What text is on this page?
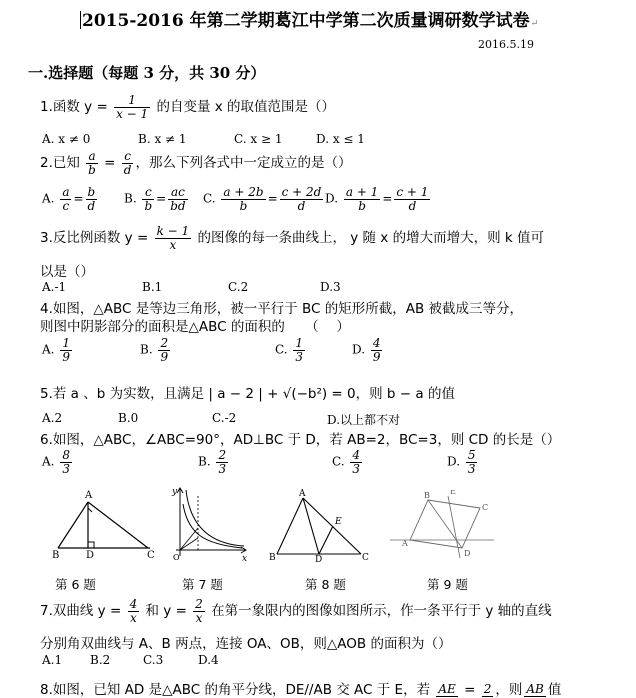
2015-2016 年第二学期葛江中学第二次质量调研数学试卷↵
2016.5.19
一.选择题（每题 3 分，共 30 分）
1.函数 $y = \frac{1}{x - 1}$ 的自变量 x 的取值范围是（）
A. x ≠ 0	B. x ≠ 1	C. x ≥ 1	D. x ≤ 1
2.已知 $\frac{a}{b} = \frac{c}{d}$ ，那么下列各式中一定成立的是（）
A. $\frac{a}{c} = \frac{b}{d} B$. $\frac{c}{b} = \frac{ac}{bd} C$. $\frac{a + 2b}{b} = \frac{c + 2d}{d} D$. $\frac{a + 1}{b} = \frac{c + 1}{d}$
3.反比例函数 $y = \frac{k - 1}{x}$ 的图像的每一条曲线上， y 随 x 的增大而增大，则 k 值可
以是（）
A.-1	B.1	C.2	D.3
4.如图，△ABC 是等边三角形，被一平行于 BC 的矩形所截，AB 被截成三等分，
则图中阴影部分的面积是△ABC 的面积的　　（　 ）
A. $\frac{1}{9}$	B. $\frac{2}{9}$	C. $\frac{1}{3}$	D. $\frac{4}{9}$
5.若 a 、b 为实数，且满足 | a − 2 | + √(−b²) = 0，则 b − a 的值
A.2	B.0	C.-2	D.以上都不对
6.如图，△ABC，∠ABC=90°，AD⊥BC 于 D，若 AB=2，BC=3，则 CD 的长是（）
A. $\frac{8}{3}$	B. $\frac{2}{3}$	C. $\frac{4}{3}$	D. $\frac{5}{3}$
A
B	D	C
第 6 题
y
x
O
第 7 题
A
E
B	D	C
第 8 题
A
B
C
D
E
第 9 题
7.双曲线 $y = \frac{4}{x}$ 和 $y = \frac{2}{x}$ 在第一象限内的图像如图所示，作一条平行于 y 轴的直线
分别角双曲线与 A、B 两点，连接 OA、OB，则△AOB 的面积为（）
A.1 B.2	C.3	D.4
8.如图，已知 AD 是△ABC 的角平分线，DE//AB 交 AC 于 E，若 AE = 2 ，则 AB 值
